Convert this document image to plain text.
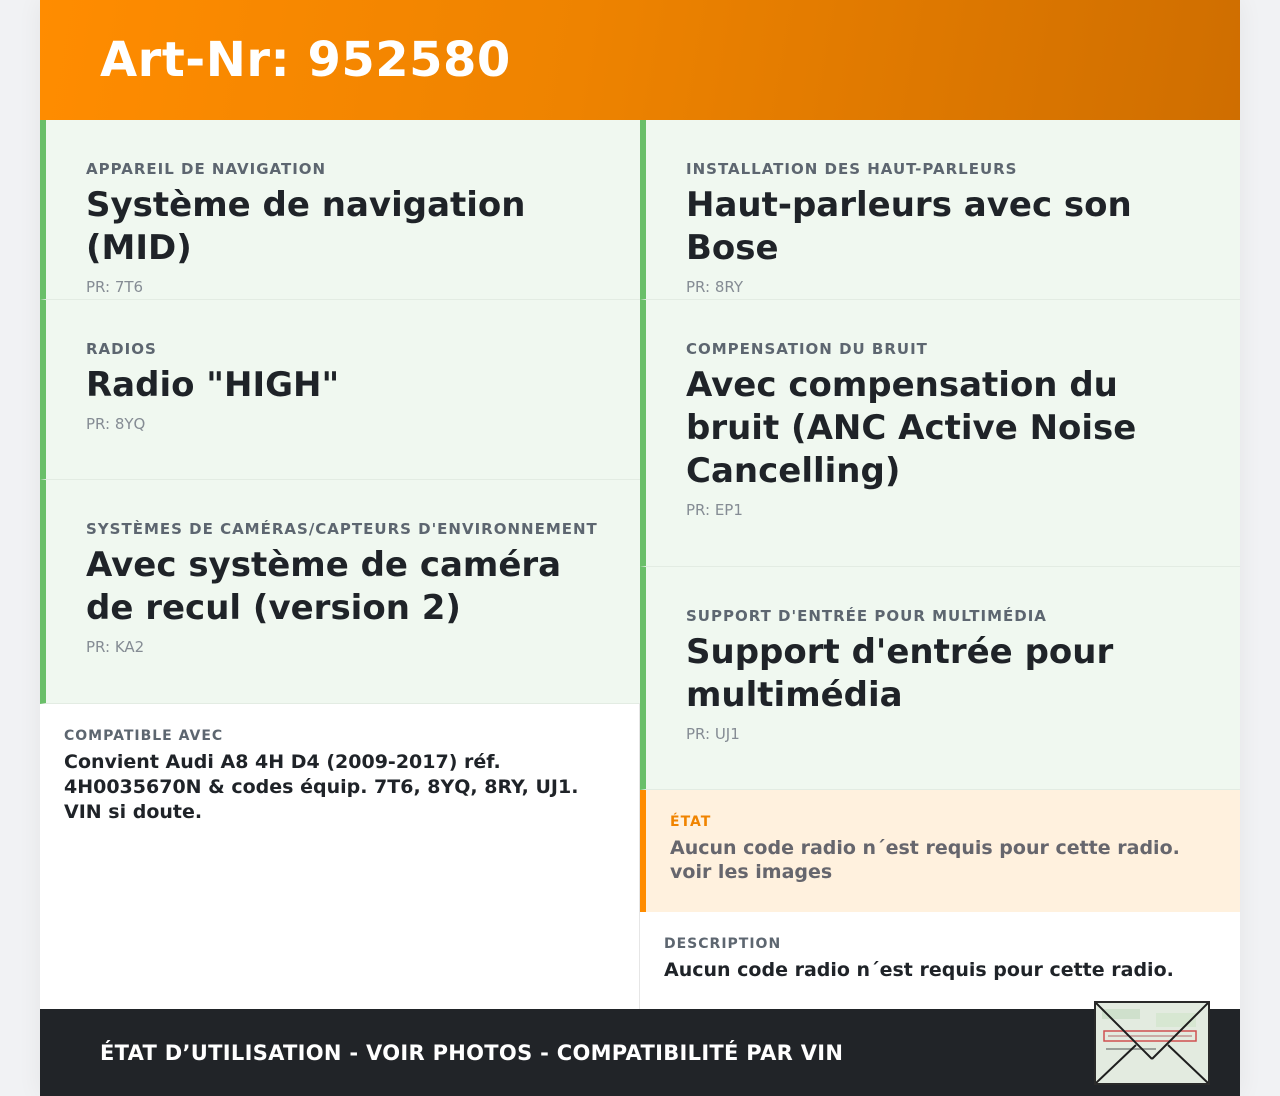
Art-Nr: 952580
APPAREIL DE NAVIGATION
Système de navigation (MID)
PR: 7T6
RADIOS
Radio "HIGH"
PR: 8YQ
SYSTÈMES DE CAMÉRAS/CAPTEURS D'ENVIRONNEMENT
Avec système de caméra de recul (version 2)
PR: KA2
COMPATIBLE AVEC
Convient Audi A8 4H D4 (2009-2017) réf. 4H0035670N & codes équip. 7T6, 8YQ, 8RY, UJ1. VIN si doute.
INSTALLATION DES HAUT-PARLEURS
Haut-parleurs avec son Bose
PR: 8RY
COMPENSATION DU BRUIT
Avec compensation du bruit (ANC Active Noise Cancelling)
PR: EP1
SUPPORT D'ENTRÉE POUR MULTIMÉDIA
Support d'entrée pour multimédia
PR: UJ1
ÉTAT
Aucun code radio n´est requis pour cette radio. voir les images
DESCRIPTION
Aucun code radio n´est requis pour cette radio.
ÉTAT D’UTILISATION - VOIR PHOTOS - COMPATIBILITÉ PAR VIN
